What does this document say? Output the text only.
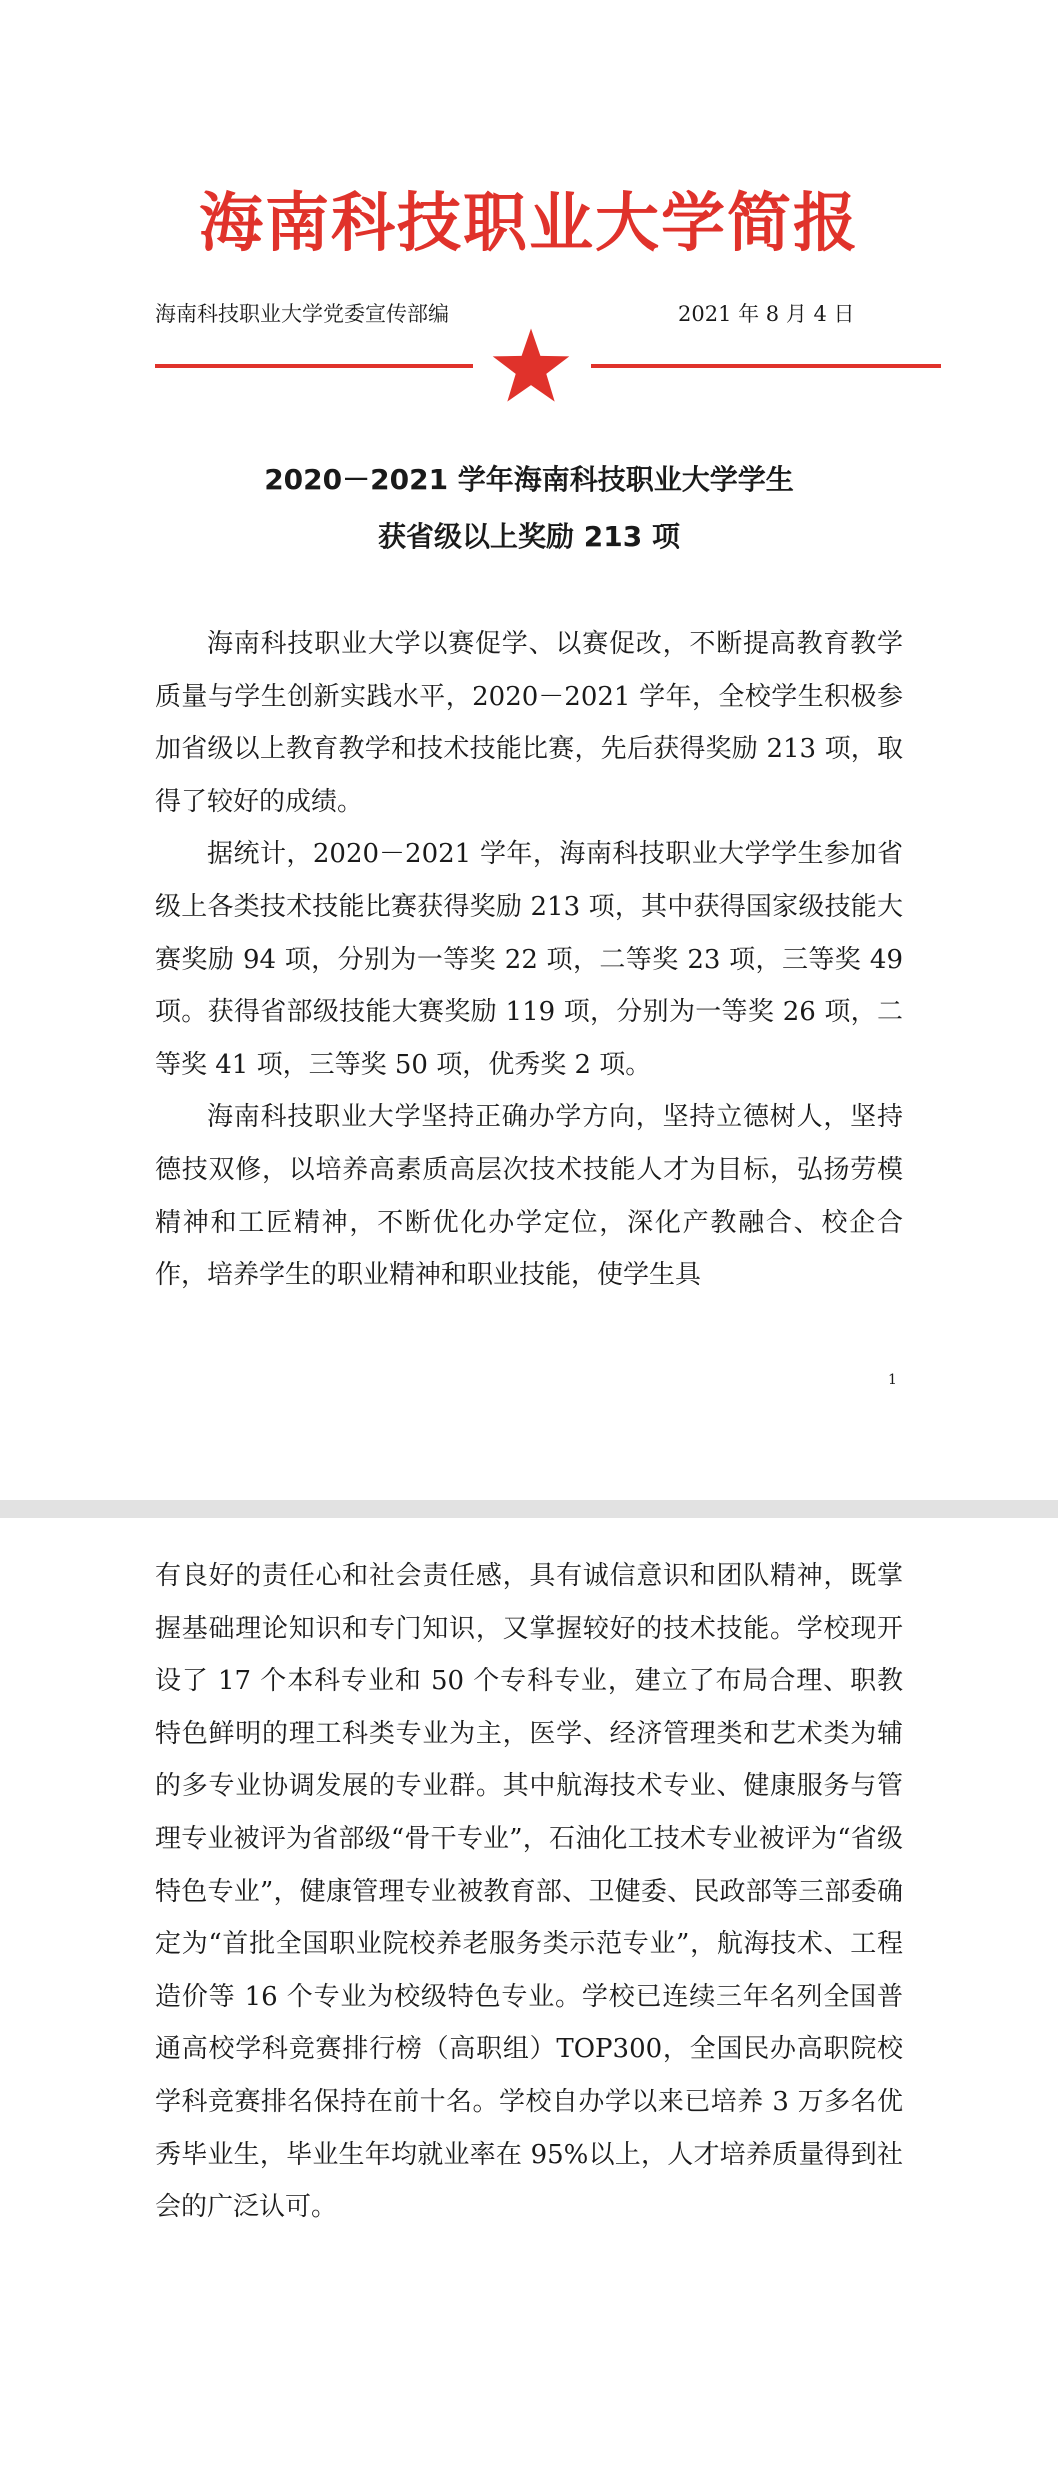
海南科技职业大学简报
海南科技职业大学党委宣传部编	2021 年 8 月 4 日
2020－2021 学年海南科技职业大学学生
获省级以上奖励 213 项

海南科技职业大学以赛促学、以赛促改，不断提高教育教学质量与学生创新实践水平，2020－2021 学年，全校学生积极参加省级以上教育教学和技术技能比赛，先后获得奖励 213 项，取得了较好的成绩。

据统计，2020－2021 学年，海南科技职业大学学生参加省级上各类技术技能比赛获得奖励 213 项，其中获得国家级技能大赛奖励 94 项，分别为一等奖 22 项，二等奖 23 项，三等奖 49 项。获得省部级技能大赛奖励 119 项，分别为一等奖 26 项，二等奖 41 项，三等奖 50 项，优秀奖 2 项。

海南科技职业大学坚持正确办学方向，坚持立德树人，坚持德技双修，以培养高素质高层次技术技能人才为目标，弘扬劳模精神和工匠精神，不断优化办学定位，深化产教融合、校企合作，培养学生的职业精神和职业技能，使学生具

1

有良好的责任心和社会责任感，具有诚信意识和团队精神，既掌握基础理论知识和专门知识，又掌握较好的技术技能。学校现开设了 17 个本科专业和 50 个专科专业，建立了布局合理、职教特色鲜明的理工科类专业为主，医学、经济管理类和艺术类为辅的多专业协调发展的专业群。其中航海技术专业、健康服务与管理专业被评为省部级“骨干专业”，石油化工技术专业被评为“省级特色专业”，健康管理专业被教育部、卫健委、民政部等三部委确定为“首批全国职业院校养老服务类示范专业”，航海技术、工程造价等 16 个专业为校级特色专业。学校已连续三年名列全国普通高校学科竞赛排行榜（高职组）TOP300，全国民办高职院校学科竞赛排名保持在前十名。学校自办学以来已培养 3 万多名优秀毕业生，毕业生年均就业率在 95%以上，人才培养质量得到社会的广泛认可。
